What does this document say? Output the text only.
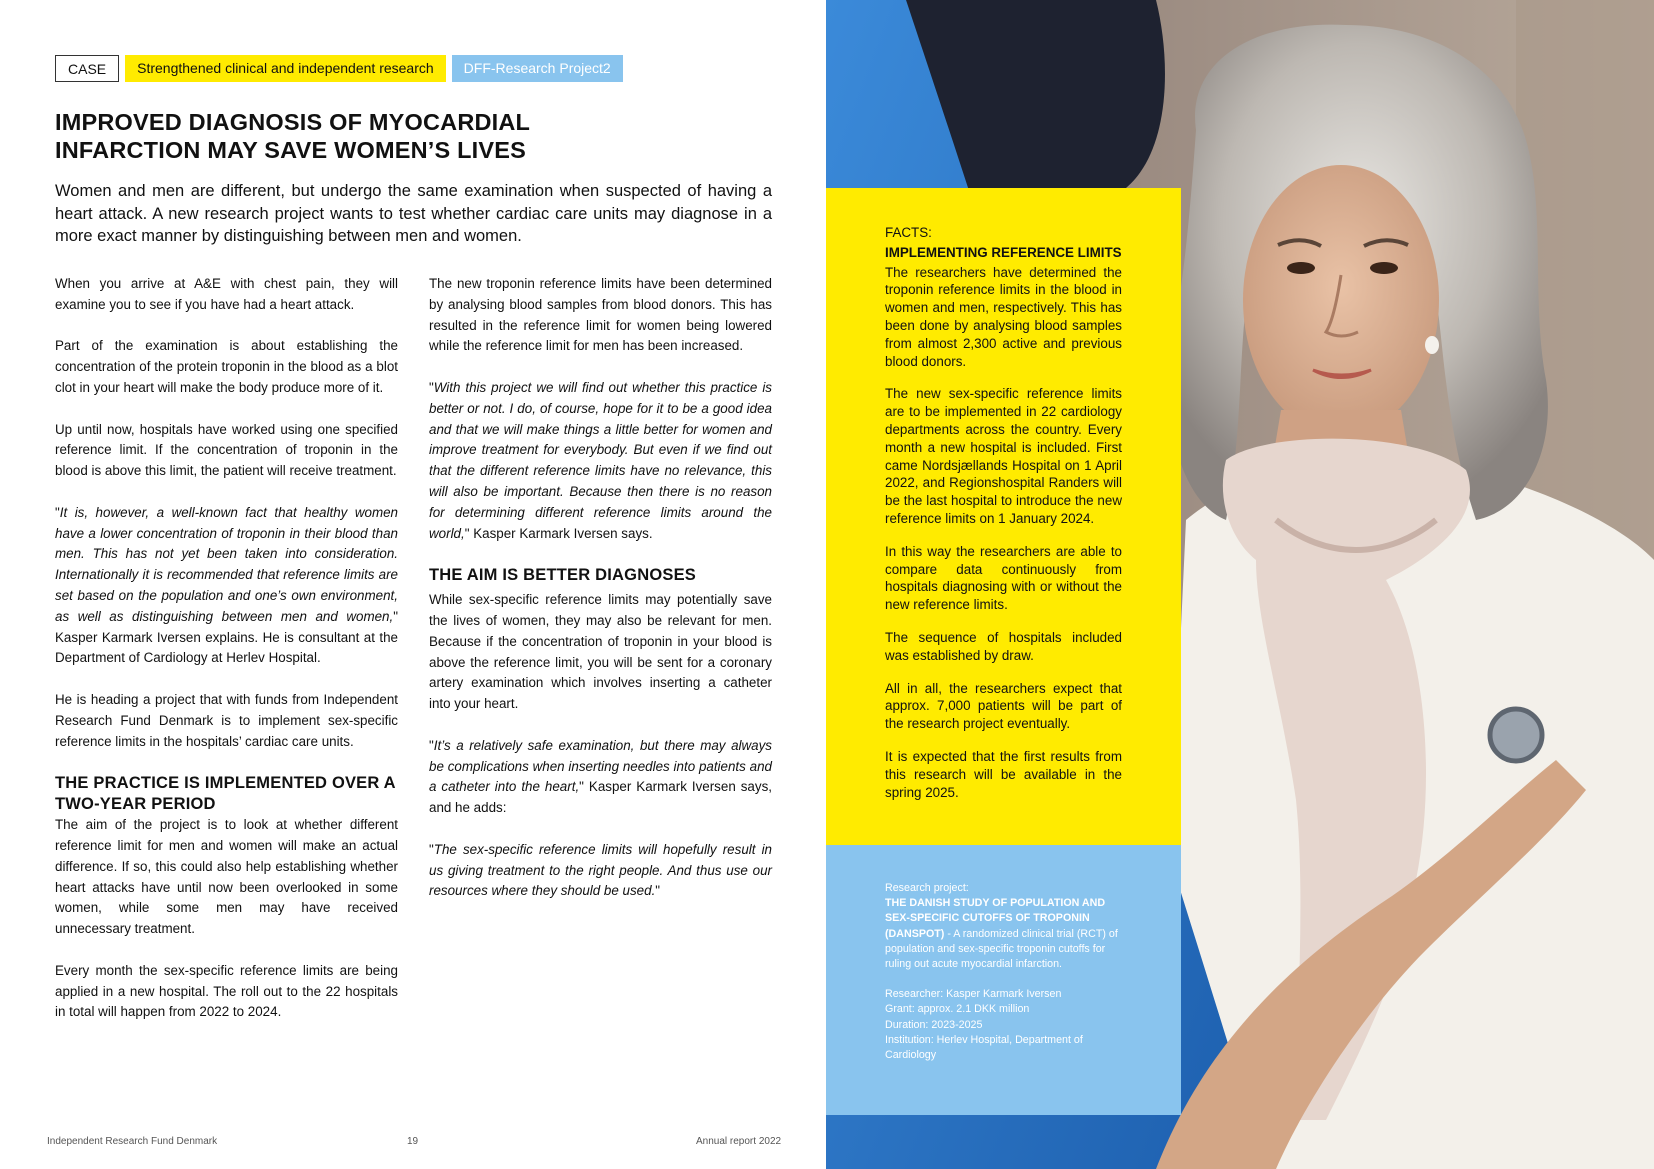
CASE	Strengthened clinical and independent research	DFF-Research Project2
IMPROVED DIAGNOSIS OF MYOCARDIAL
INFARCTION MAY SAVE WOMEN’S LIVES

Women and men are different, but undergo the same examination when suspected of having a heart attack. A new research project wants to test whether cardiac care units may diagnose in a more exact manner by distinguishing between men and women.

When you arrive at A&E with chest pain, they will examine you to see if you have had a heart attack.

Part of the examination is about establishing the concentration of the protein troponin in the blood as a blot clot in your heart will make the body produce more of it.

Up until now, hospitals have worked using one specified reference limit. If the concentration of troponin in the blood is above this limit, the patient will receive treatment.

"It is, however, a well-known fact that healthy women have a lower concentration of troponin in their blood than men. This has not yet been taken into consideration. Internationally it is recommended that reference limits are set based on the population and one’s own environment, as well as distinguishing between men and women," Kasper Karmark Iversen explains. He is consultant at the Department of Cardiology at Herlev Hospital.

He is heading a project that with funds from Independent Research Fund Denmark is to implement sex-specific reference limits in the hospitals’ cardiac care units.

THE PRACTICE IS IMPLEMENTED OVER A TWO-YEAR PERIOD

The aim of the project is to look at whether different reference limit for men and women will make an actual difference. If so, this could also help establishing whether heart attacks have until now been overlooked in some women, while some men may have received unnecessary treatment.

Every month the sex-specific reference limits are being applied in a new hospital. The roll out to the 22 hospitals in total will happen from 2022 to 2024.

The new troponin reference limits have been determined by analysing blood samples from blood donors. This has resulted in the reference limit for women being lowered while the reference limit for men has been increased.

"With this project we will find out whether this practice is better or not. I do, of course, hope for it to be a good idea and that we will make things a little better for women and improve treatment for everybody. But even if we find out that the different reference limits have no relevance, this will also be important. Because then there is no reason for determining different reference limits around the world," Kasper Karmark Iversen says.

THE AIM IS BETTER DIAGNOSES

While sex-specific reference limits may potentially save the lives of women, they may also be relevant for men. Because if the concentration of troponin in your blood is above the reference limit, you will be sent for a coronary artery examination which involves inserting a catheter into your heart.

"It’s a relatively safe examination, but there may always be complications when inserting needles into patients and a catheter into the heart," Kasper Karmark Iversen says, and he adds:

"The sex-specific reference limits will hopefully result in us giving treatment to the right people. And thus use our resources where they should be used."

Independent Research Fund Denmark	19	Annual report 2022

FACTS:

IMPLEMENTING REFERENCE LIMITS

The researchers have determined the troponin reference limits in the blood in women and men, respectively. This has been done by analysing blood samples from almost 2,300 active and previous blood donors.

The new sex-specific reference limits are to be implemented in 22 cardiology departments across the country. Every month a new hospital is included. First came Nordsjællands Hospital on 1 April 2022, and Regionshospital Randers will be the last hospital to introduce the new reference limits on 1 January 2024.

In this way the researchers are able to compare data continuously from hospitals diagnosing with or without the new reference limits.

The sequence of hospitals included was established by draw.

All in all, the researchers expect that approx. 7,000 patients will be part of the research project eventually.

It is expected that the first results from this research will be available in the spring 2025.

Research project:

THE DANISH STUDY OF POPULATION AND SEX-SPECIFIC CUTOFFS OF TROPONIN (DANSPOT) - A randomized clinical trial (RCT) of population and sex-specific troponin cutoffs for ruling out acute myocardial infarction.

Researcher: Kasper Karmark Iversen

Grant: approx. 2.1 DKK million

Duration: 2023-2025

Institution: Herlev Hospital, Department of Cardiology
